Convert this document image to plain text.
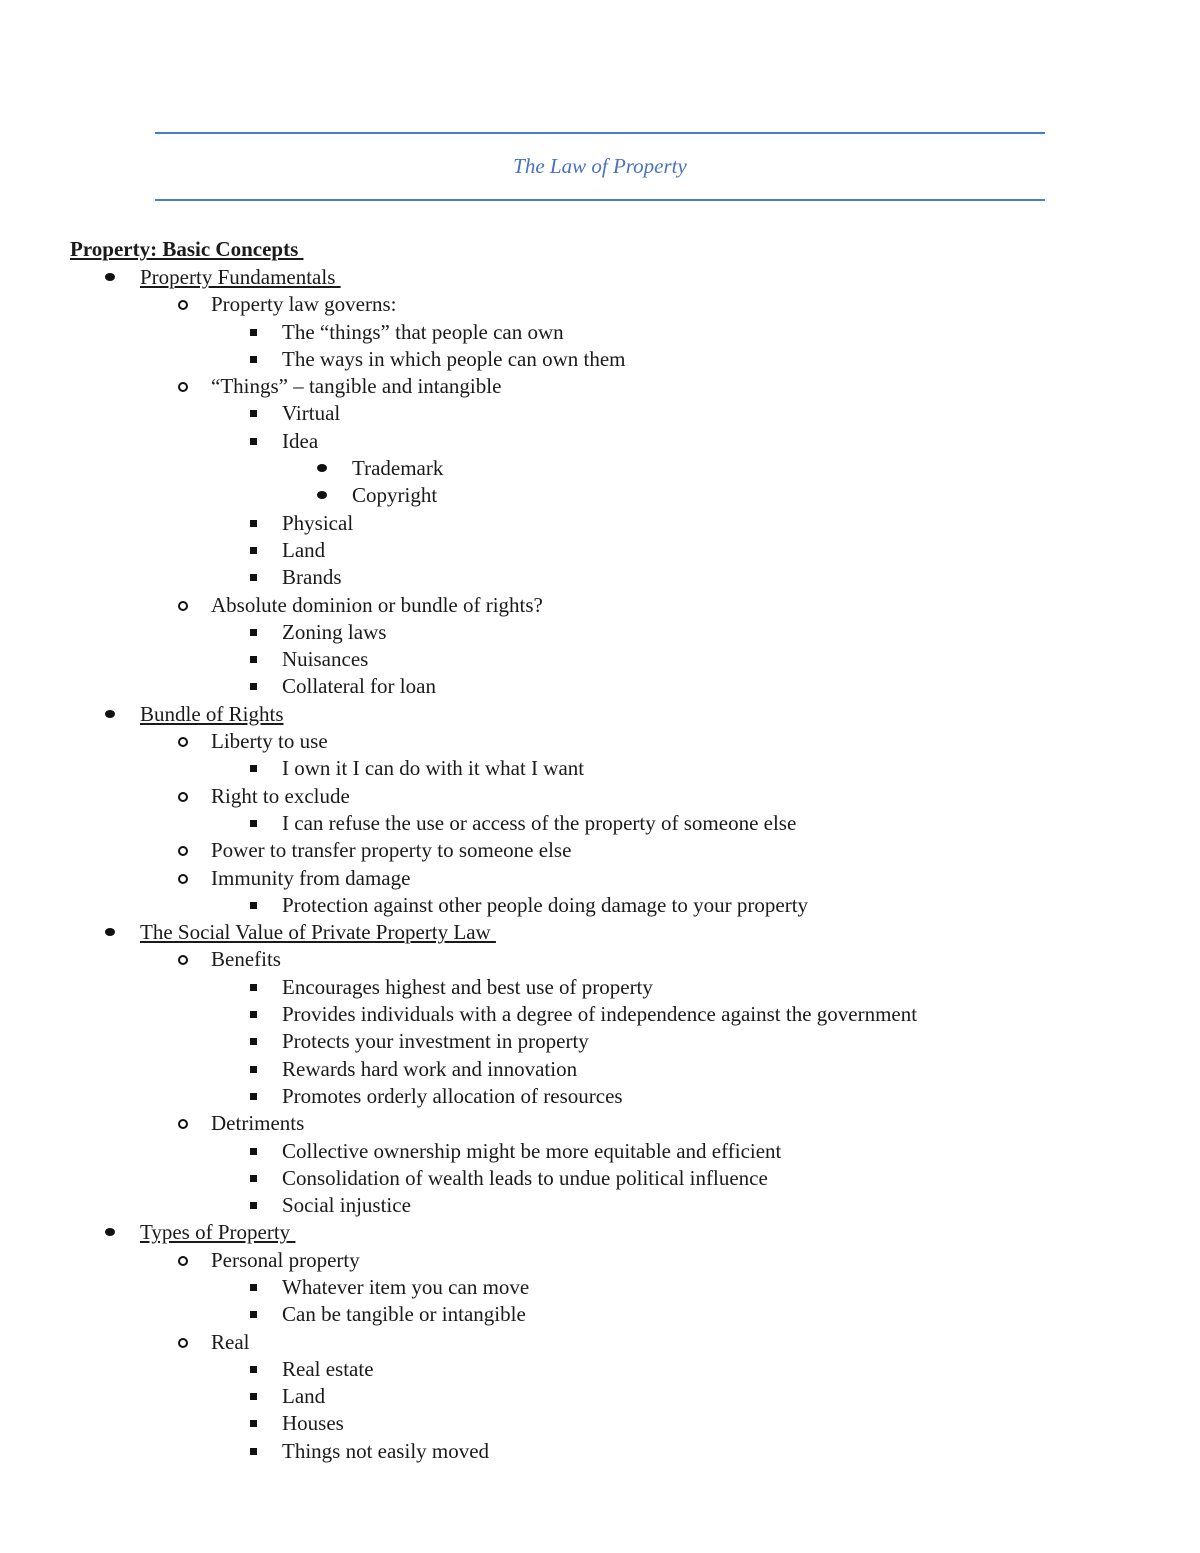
The Law of Property
Property: Basic Concepts
Property Fundamentals
Property law governs:
The “things” that people can own
The ways in which people can own them
“Things” – tangible and intangible
Virtual
Idea
Trademark
Copyright
Physical
Land
Brands
Absolute dominion or bundle of rights?
Zoning laws
Nuisances
Collateral for loan
Bundle of Rights
Liberty to use
I own it I can do with it what I want
Right to exclude
I can refuse the use or access of the property of someone else
Power to transfer property to someone else
Immunity from damage
Protection against other people doing damage to your property
The Social Value of Private Property Law
Benefits
Encourages highest and best use of property
Provides individuals with a degree of independence against the government
Protects your investment in property
Rewards hard work and innovation
Promotes orderly allocation of resources
Detriments
Collective ownership might be more equitable and efficient
Consolidation of wealth leads to undue political influence
Social injustice
Types of Property
Personal property
Whatever item you can move
Can be tangible or intangible
Real
Real estate
Land
Houses
Things not easily moved
